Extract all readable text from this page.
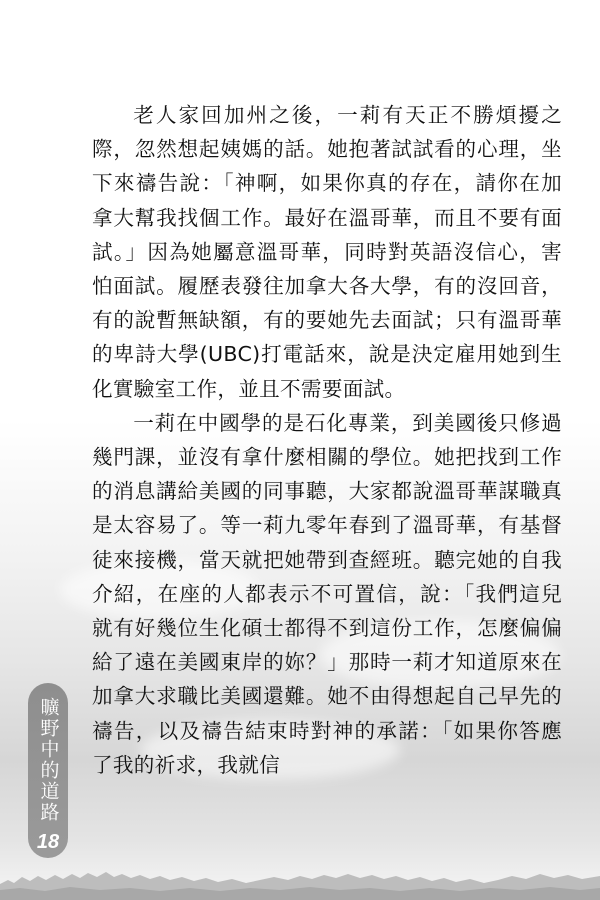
老人家回加州之後，一莉有天正不勝煩擾之際，忽然想起姨媽的話。她抱著試試看的心理，坐下來禱告說：「神啊，如果你真的存在，請你在加拿大幫我找個工作。最好在溫哥華，而且不要有面試。」因為她屬意溫哥華，同時對英語沒信心，害怕面試。履歷表發往加拿大各大學，有的沒回音，有的說暫無缺額，有的要她先去面試；只有溫哥華的卑詩大學(UBC)打電話來，說是決定雇用她到生化實驗室工作，並且不需要面試。

一莉在中國學的是石化專業，到美國後只修過幾門課，並沒有拿什麼相關的學位。她把找到工作的消息講給美國的同事聽，大家都說溫哥華謀職真是太容易了。等一莉九零年春到了溫哥華，有基督徒來接機，當天就把她帶到查經班。聽完她的自我介紹，在座的人都表示不可置信，說：「我們這兒就有好幾位生化碩士都得不到這份工作，怎麼偏偏給了遠在美國東岸的妳？」那時一莉才知道原來在加拿大求職比美國還難。她不由得想起自己早先的禱告，以及禱告結束時對神的承諾：「如果你答應了我的祈求，我就信

曠野中的道路
18
